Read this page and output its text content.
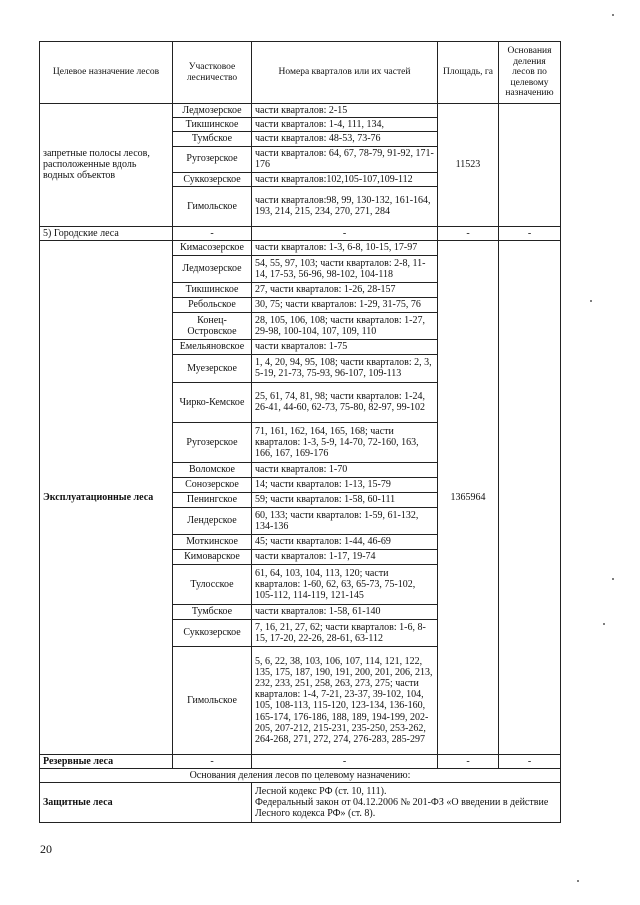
Целевое назначение лесов	Участковое лесничество	Номера кварталов или их частей	Площадь, га	Основания деления лесов по целевому назначению
запретные полосы лесов, расположенные вдоль водных объектов	Ледмозерское	части кварталов: 2-15	11523	
	Тикшинское	части кварталов: 1-4, 111, 134,		
	Тумбское	части кварталов: 48-53, 73-76		
	Ругозерское	части кварталов: 64, 67, 78-79, 91-92, 171-176		
	Суккозерское	части кварталов:102,105-107,109-112		
	Гимольское	части кварталов:98, 99, 130-132, 161-164, 193, 214, 215, 234, 270, 271, 284		
5) Городские леса	-	-	-	-
Эксплуатационные леса	Кимасозерское	части кварталов: 1-3, 6-8, 10-15, 17-97	1365964	
	Ледмозерское	54, 55, 97, 103; части кварталов: 2-8, 11-14, 17-53, 56-96, 98-102, 104-118		
	Тикшинское	27, части кварталов: 1-26, 28-157		
	Ребольское	30, 75; части кварталов: 1-29, 31-75, 76		
	Конец-Островское	28, 105, 106, 108; части кварталов: 1-27, 29-98, 100-104, 107, 109, 110		
	Емельяновское	части кварталов: 1-75		
	Муезерское	1, 4, 20, 94, 95, 108; части кварталов: 2, 3, 5-19, 21-73, 75-93, 96-107, 109-113		
	Чирко-Кемское	25, 61, 74, 81, 98; части кварталов: 1-24, 26-41, 44-60, 62-73, 75-80, 82-97, 99-102		
	Ругозерское	71, 161, 162, 164, 165, 168; части кварталов: 1-3, 5-9, 14-70, 72-160, 163, 166, 167, 169-176		
	Воломское	части кварталов: 1-70		
	Сонозерское	14; части кварталов: 1-13, 15-79		
	Пенингское	59; части кварталов: 1-58, 60-111		
	Лендерское	60, 133; части кварталов: 1-59, 61-132, 134-136		
	Моткинское	45; части кварталов: 1-44, 46-69		
	Кимоварское	части кварталов: 1-17, 19-74		
	Тулосское	61, 64, 103, 104, 113, 120; части кварталов: 1-60, 62, 63, 65-73, 75-102, 105-112, 114-119, 121-145		
	Тумбское	части кварталов: 1-58, 61-140		
	Суккозерское	7, 16, 21, 27, 62; части кварталов: 1-6, 8-15, 17-20, 22-26, 28-61, 63-112		
	Гимольское	5, 6, 22, 38, 103, 106, 107, 114, 121, 122, 135, 175, 187, 190, 191, 200, 201, 206, 213, 232, 233, 251, 258, 263, 273, 275; части кварталов: 1-4, 7-21, 23-37, 39-102, 104, 105, 108-113, 115-120, 123-134, 136-160, 165-174, 176-186, 188, 189, 194-199, 202-205, 207-212, 215-231, 235-250, 253-262, 264-268, 271, 272, 274, 276-283, 285-297		
Резервные леса	-	-	-	-
Основания деления лесов по целевому назначению:				
Защитные леса		Лесной кодекс РФ (ст. 10, 111).
Федеральный закон от 04.12.2006 № 201-ФЗ «О введении в действие Лесного кодекса РФ» (ст. 8).		
20
